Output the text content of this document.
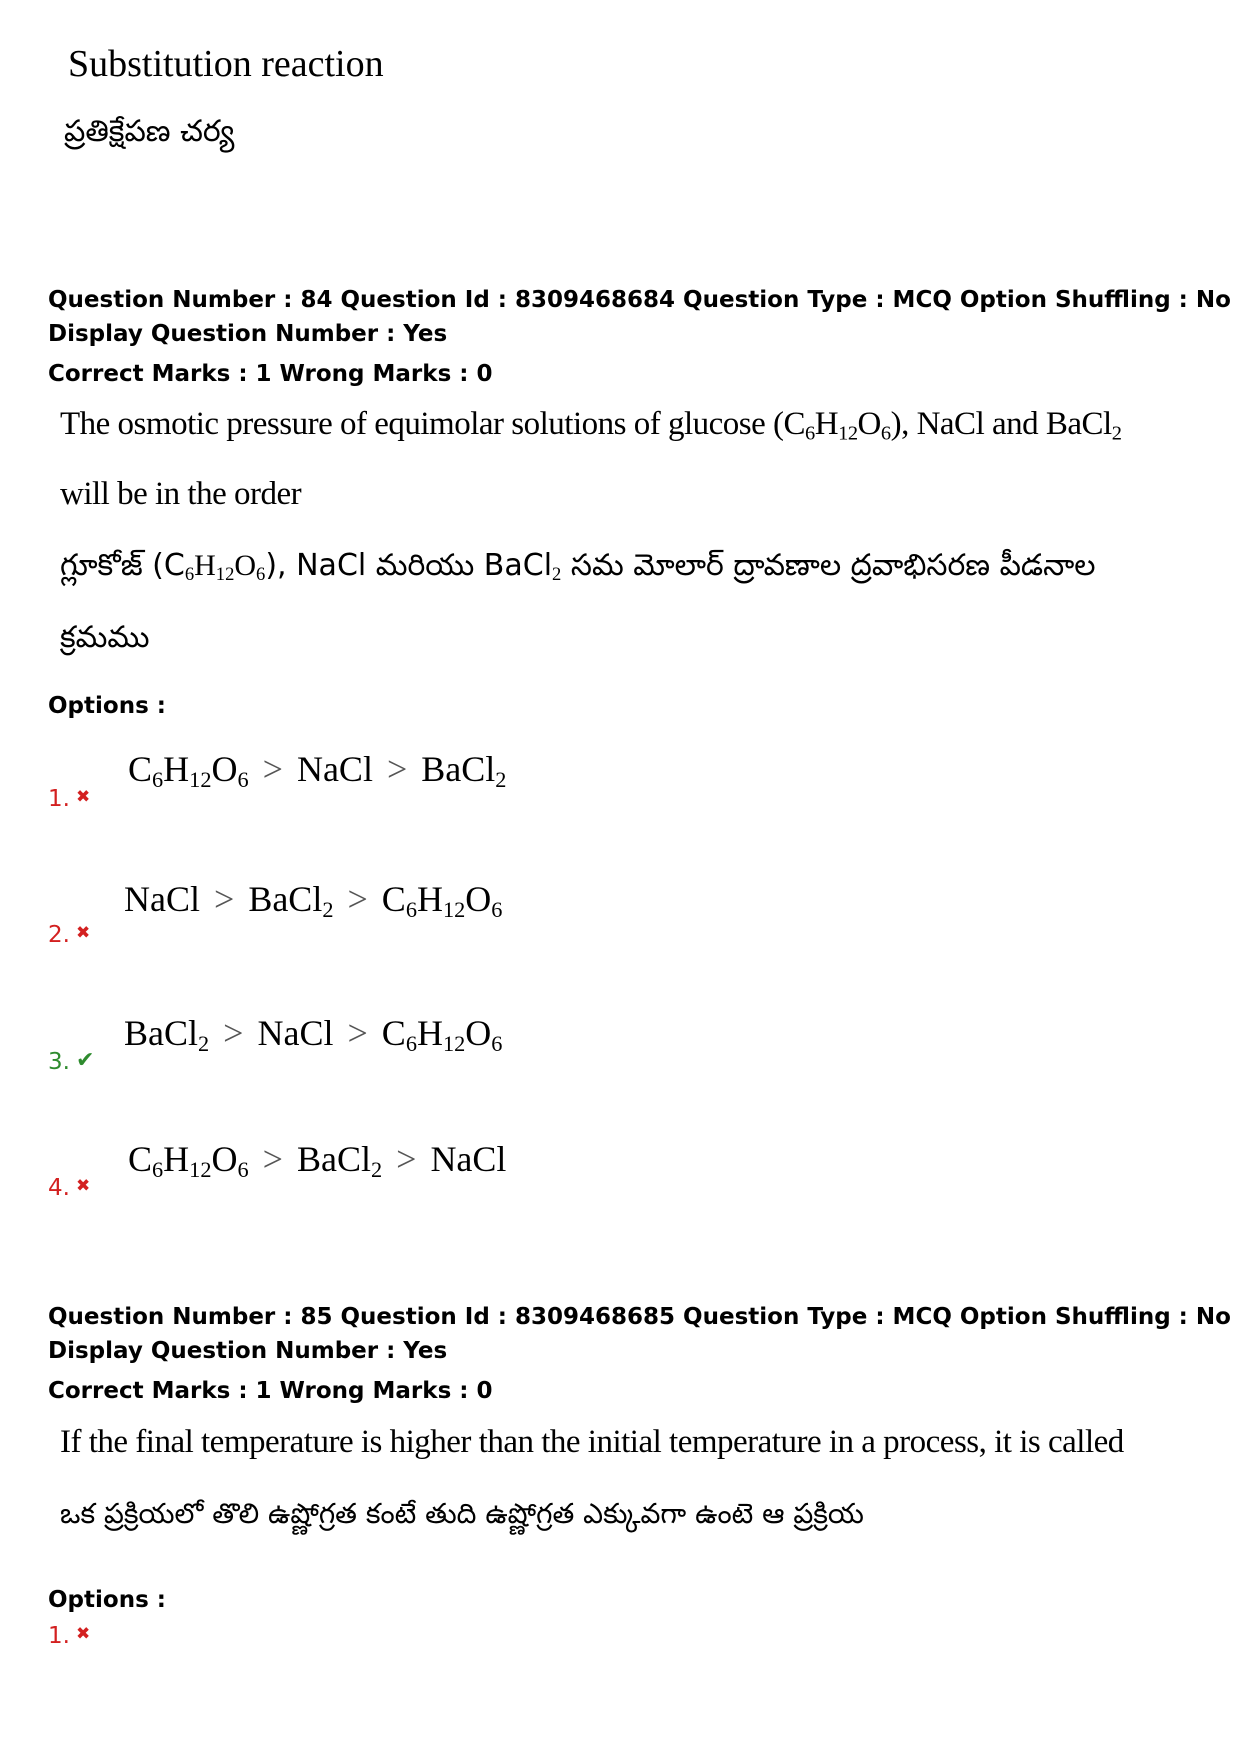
Substitution reaction
ప్రతిక్షేపణ చర్య
Question Number : 84 Question Id : 8309468684 Question Type : MCQ Option Shuffling : No
Display Question Number : Yes
Correct Marks : 1 Wrong Marks : 0
The osmotic pressure of equimolar solutions of glucose $(C_6H_{12}O_6)$, NaCl and BaCl$_2$
will be in the order
గ్లూకోజ్ $(C_6H_{12}O_6)$, NaCl మరియు BaCl$_2$ సమ మోలార్ ద్రావణాల ద్రవాభిసరణ పీడనాల
క్రమము
Options :
1. ✖
$C_6H_{12}O_6$ > NaCl > BaCl$_2$
2. ✖
NaCl > BaCl$_2$ > $C_6H_{12}O_6$
3. ✔
BaCl$_2$ > NaCl > $C_6H_{12}O_6$
4. ✖
$C_6H_{12}O_6$ > BaCl$_2$ > NaCl
Question Number : 85 Question Id : 8309468685 Question Type : MCQ Option Shuffling : No
Display Question Number : Yes
Correct Marks : 1 Wrong Marks : 0
If the final temperature is higher than the initial temperature in a process, it is called
ఒక ప్రక్రియలో తొలి ఉష్ణోగ్రత కంటే తుది ఉష్ణోగ్రత ఎక్కువగా ఉంటె ఆ ప్రక్రియ
Options :
1. ✖
